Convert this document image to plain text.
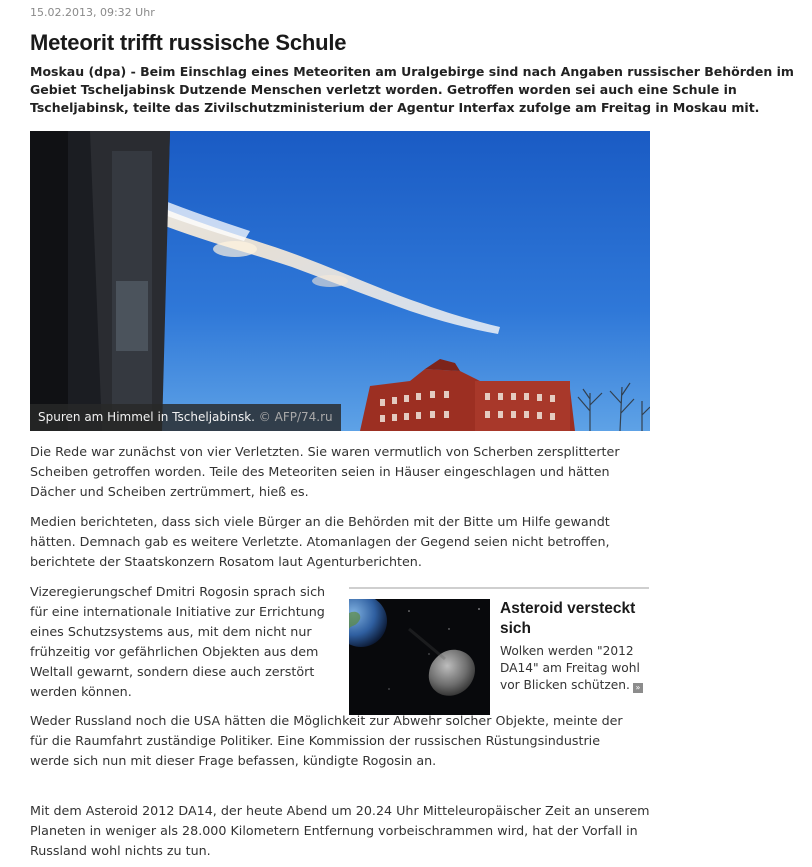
15.02.2013, 09:32 Uhr
Meteorit trifft russische Schule

Moskau (dpa) - Beim Einschlag eines Meteoriten am Uralgebirge sind nach Angaben russischer Behörden im Gebiet Tscheljabinsk Dutzende Menschen verletzt worden. Getroffen worden sei auch eine Schule in Tscheljabinsk, teilte das Zivilschutzministerium der Agentur Interfax zufolge am Freitag in Moskau mit.

Spuren am Himmel in Tscheljabinsk. © AFP/74.ru

Die Rede war zunächst von vier Verletzten. Sie waren vermutlich von Scherben zersplitterter Scheiben getroffen worden. Teile des Meteoriten seien in Häuser eingeschlagen und hätten Dächer und Scheiben zertrümmert, hieß es.

Medien berichteten, dass sich viele Bürger an die Behörden mit der Bitte um Hilfe gewandt hätten. Demnach gab es weitere Verletzte. Atomanlagen der Gegend seien nicht betroffen, berichtete der Staatskonzern Rosatom laut Agenturberichten.

Vizeregierungschef Dmitri Rogosin sprach sich für eine internationale Initiative zur Errichtung eines Schutzsystems aus, mit dem nicht nur frühzeitig vor gefährlichen Objekten aus dem Weltall gewarnt, sondern diese auch zerstört werden können.

Asteroid versteckt sich

Wolken werden "2012 DA14" am Freitag wohl vor Blicken schützen. »

Weder Russland noch die USA hätten die Möglichkeit zur Abwehr solcher Objekte, meinte der für die Raumfahrt zuständige Politiker. Eine Kommission der russischen Rüstungsindustrie werde sich nun mit dieser Frage befassen, kündigte Rogosin an.

Mit dem Asteroid 2012 DA14, der heute Abend um 20.24 Uhr Mitteleuropäischer Zeit an unserem Planeten in weniger als 28.000 Kilometern Entfernung vorbeischrammen wird, hat der Vorfall in Russland wohl nichts zu tun.
